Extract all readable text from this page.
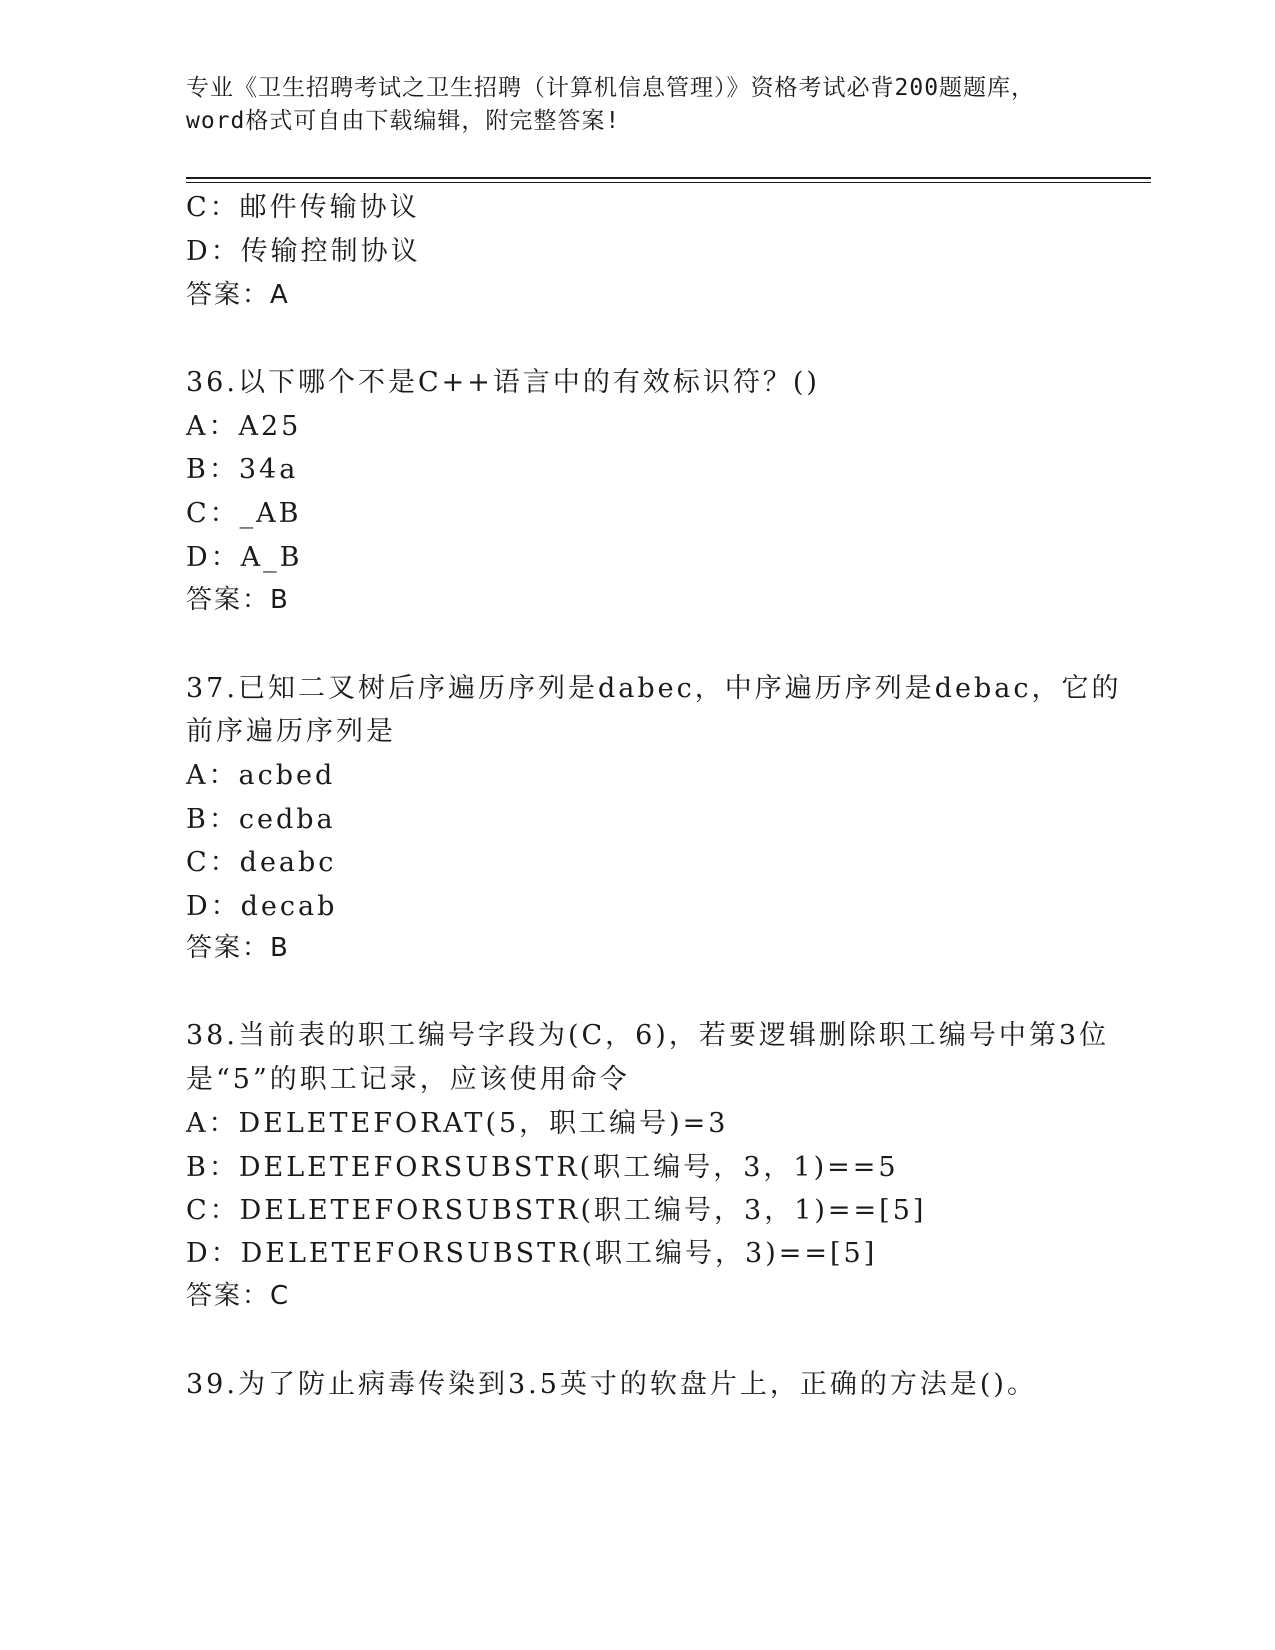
专业《卫生招聘考试之卫生招聘（计算机信息管理）》资格考试必背200题题库，
word格式可自由下载编辑，附完整答案!
C：邮件传输协议
D：传输控制协议
答案：A
36.以下哪个不是C++语言中的有效标识符？()
A：A25
B：34a
C：_AB
D：A_B
答案：B
37.已知二叉树后序遍历序列是dabec，中序遍历序列是debac，它的
前序遍历序列是
A：acbed
B：cedba
C：deabc
D：decab
答案：B
38.当前表的职工编号字段为(C，6)，若要逻辑删除职工编号中第3位
是“5”的职工记录，应该使用命令
A：DELETEFORAT(5，职工编号)=3
B：DELETEFORSUBSTR(职工编号，3，1)==5
C：DELETEFORSUBSTR(职工编号，3，1)==[5]
D：DELETEFORSUBSTR(职工编号，3)==[5]
答案：C
39.为了防止病毒传染到3.5英寸的软盘片上，正确的方法是()。
